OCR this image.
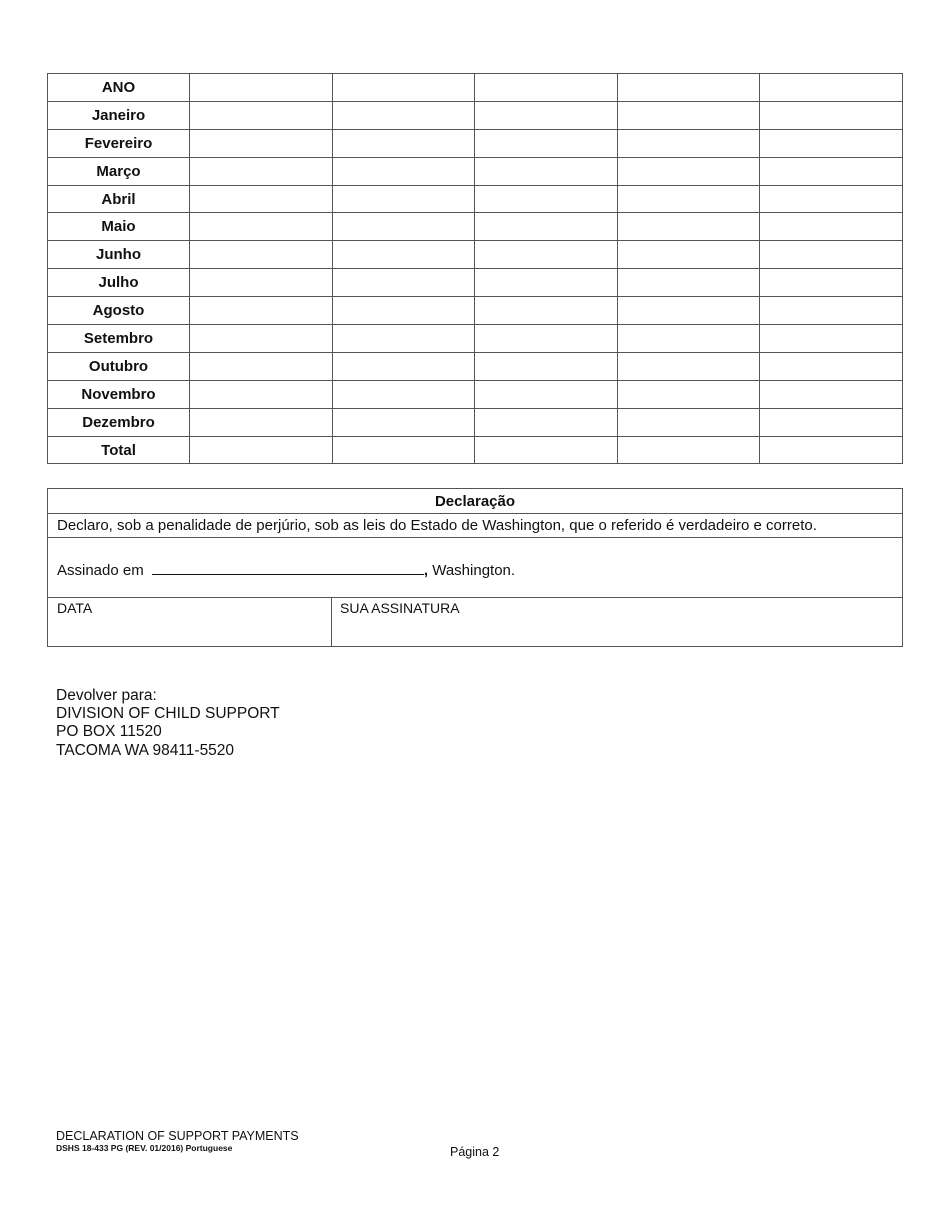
ANO					
Janeiro					
Fevereiro					
Março					
Abril					
Maio					
Junho					
Julho					
Agosto					
Setembro					
Outubro					
Novembro					
Dezembro					
Total					
Declaração
Declaro, sob a penalidade de perjúrio, sob as leis do Estado de Washington, que o referido é verdadeiro e correto.
Assinado em	, Washington.
DATA	SUA ASSINATURA
Devolver para:
DIVISION OF CHILD SUPPORT
PO BOX 11520
TACOMA WA 98411-5520
DECLARATION OF SUPPORT PAYMENTS
DSHS 18-433 PG (REV. 01/2016) Portuguese	Página 2
